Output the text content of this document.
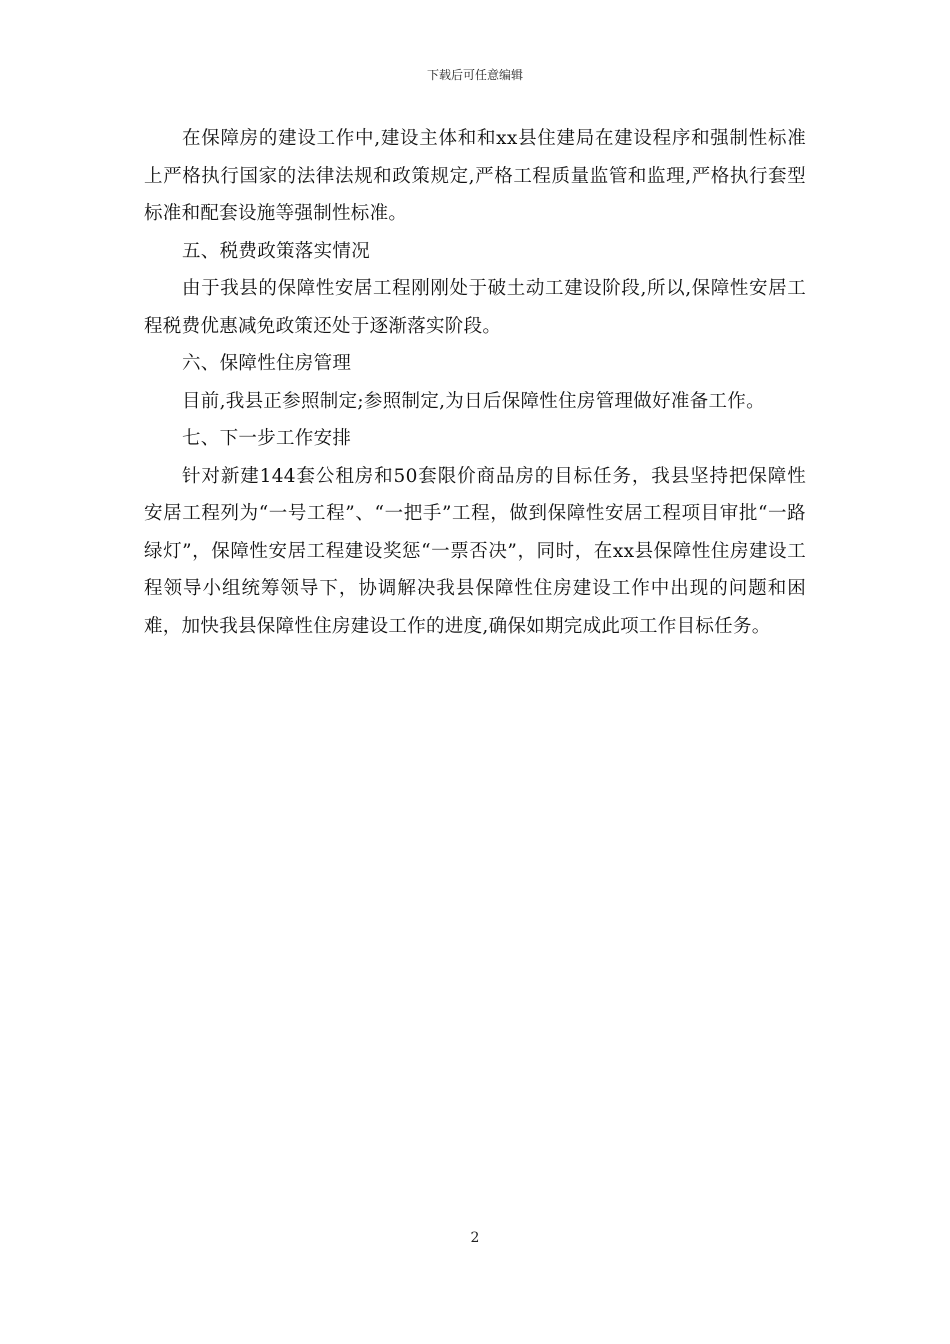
下载后可任意编辑

在保障房的建设工作中,建设主体和和xx县住建局在建设程序和强制性标准上严格执行国家的法律法规和政策规定,严格工程质量监管和监理,严格执行套型标准和配套设施等强制性标准。

五、税费政策落实情况

由于我县的保障性安居工程刚刚处于破土动工建设阶段,所以,保障性安居工程税费优惠减免政策还处于逐渐落实阶段。

六、保障性住房管理

目前,我县正参照制定;参照制定,为日后保障性住房管理做好准备工作。

七、下一步工作安排

针对新建144套公租房和50套限价商品房的目标任务，我县坚持把保障性安居工程列为“一号工程”、“一把手”工程，做到保障性安居工程项目审批“一路绿灯”，保障性安居工程建设奖惩“一票否决”，同时，在xx县保障性住房建设工程领导小组统筹领导下，协调解决我县保障性住房建设工作中出现的问题和困难，加快我县保障性住房建设工作的进度,确保如期完成此项工作目标任务。

2
